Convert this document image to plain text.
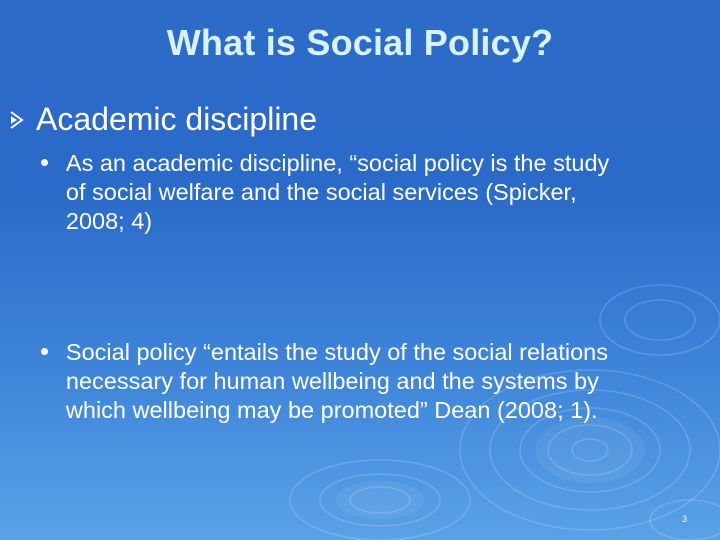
What is Social Policy?
Academic discipline
As an academic discipline, “social policy is the study
of social welfare and the social services (Spicker,
2008; 4)
Social policy “entails the study of the social relations
necessary for human wellbeing and the systems by
which wellbeing may be promoted” Dean (2008; 1).
3
